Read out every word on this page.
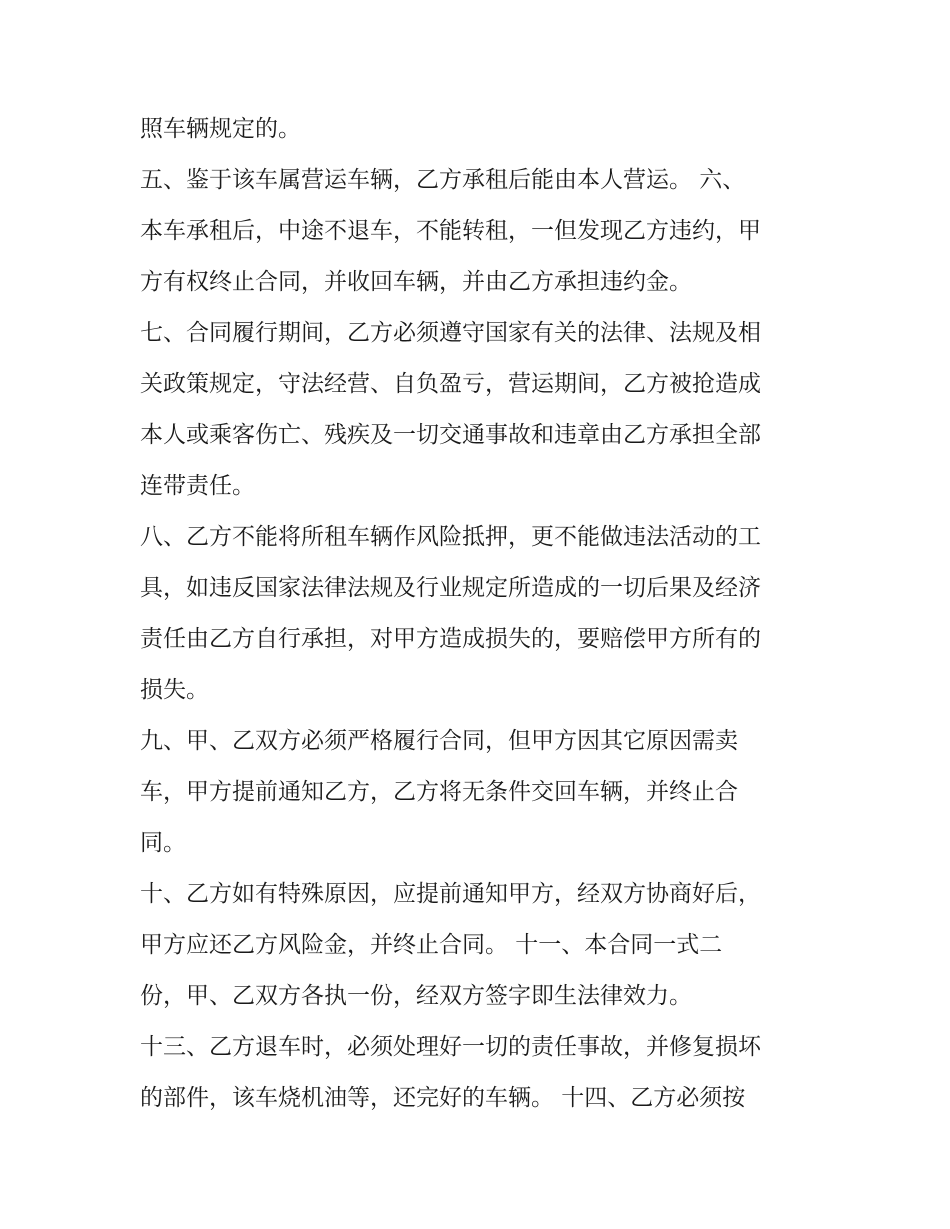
照车辆规定的。
五、鉴于该车属营运车辆，乙方承租后能由本人营运。 六、
本车承租后，中途不退车，不能转租，一但发现乙方违约，甲
方有权终止合同，并收回车辆，并由乙方承担违约金。
七、合同履行期间，乙方必须遵守国家有关的法律、法规及相
关政策规定，守法经营、自负盈亏，营运期间，乙方被抢造成
本人或乘客伤亡、残疾及一切交通事故和违章由乙方承担全部
连带责任。
八、乙方不能将所租车辆作风险抵押，更不能做违法活动的工
具，如违反国家法律法规及行业规定所造成的一切后果及经济
责任由乙方自行承担，对甲方造成损失的，要赔偿甲方所有的
损失。
九、甲、乙双方必须严格履行合同，但甲方因其它原因需卖
车，甲方提前通知乙方，乙方将无条件交回车辆，并终止合
同。
十、乙方如有特殊原因，应提前通知甲方，经双方协商好后，
甲方应还乙方风险金，并终止合同。 十一、本合同一式二
份，甲、乙双方各执一份，经双方签字即生法律效力。
十三、乙方退车时，必须处理好一切的责任事故，并修复损坏
的部件，该车烧机油等，还完好的车辆。 十四、乙方必须按
